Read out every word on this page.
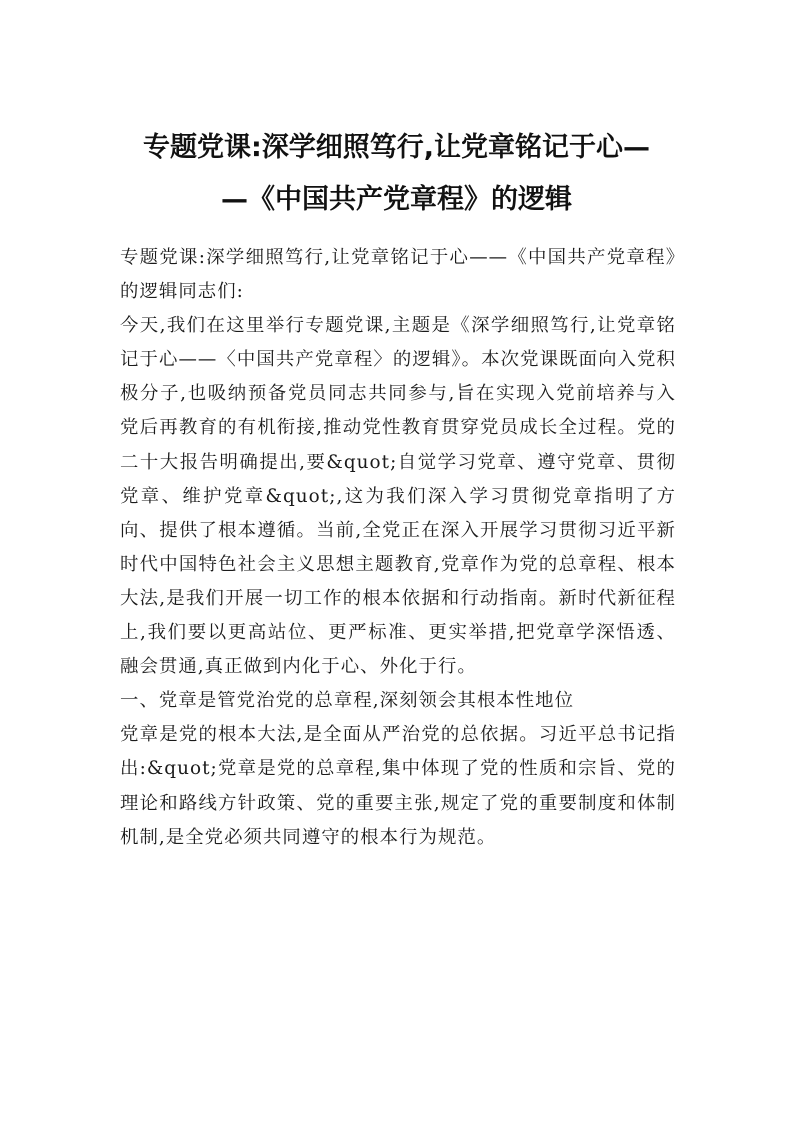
专题党课:深学细照笃行,让党章铭记于心—
—《中国共产党章程》的逻辑

专题党课:深学细照笃行,让党章铭记于心——《中国共产党章程》的逻辑同志们:

今天,我们在这里举行专题党课,主题是《深学细照笃行,让党章铭记于心——〈中国共产党章程〉的逻辑》。本次党课既面向入党积极分子,也吸纳预备党员同志共同参与,旨在实现入党前培养与入党后再教育的有机衔接,推动党性教育贯穿党员成长全过程。党的二十大报告明确提出,要&quot;自觉学习党章、遵守党章、贯彻党章、维护党章&quot;,这为我们深入学习贯彻党章指明了方向、提供了根本遵循。当前,全党正在深入开展学习贯彻习近平新时代中国特色社会主义思想主题教育,党章作为党的总章程、根本大法,是我们开展一切工作的根本依据和行动指南。新时代新征程上,我们要以更高站位、更严标准、更实举措,把党章学深悟透、融会贯通,真正做到内化于心、外化于行。

一、党章是管党治党的总章程,深刻领会其根本性地位

党章是党的根本大法,是全面从严治党的总依据。习近平总书记指出:&quot;党章是党的总章程,集中体现了党的性质和宗旨、党的理论和路线方针政策、党的重要主张,规定了党的重要制度和体制机制,是全党必须共同遵守的根本行为规范。
